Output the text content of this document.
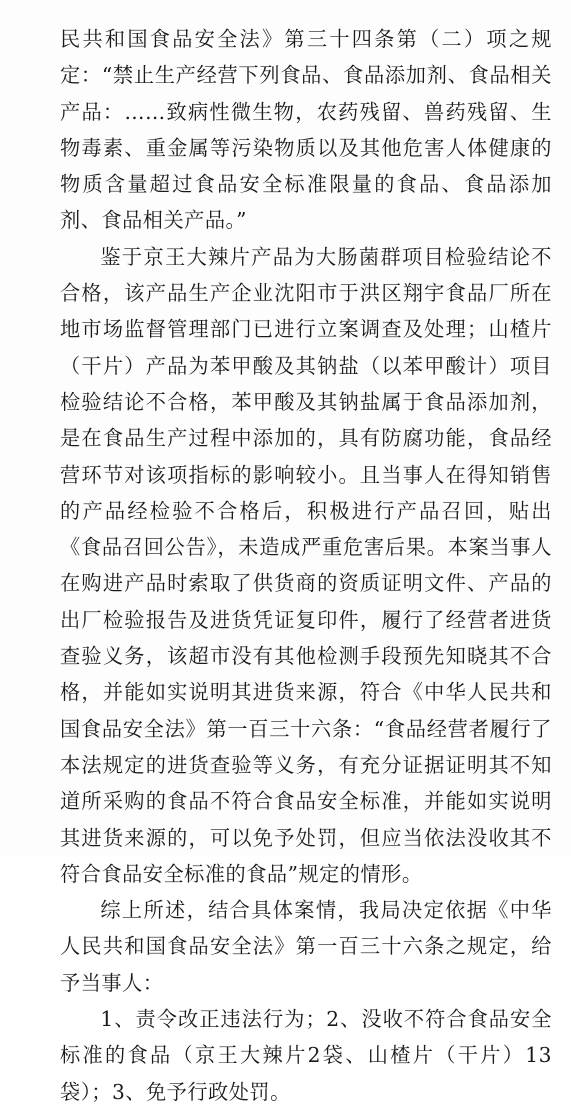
民共和国食品安全法》第三十四条第（二）项之规定：“禁止生产经营下列食品、食品添加剂、食品相关产品：……致病性微生物，农药残留、兽药残留、生物毒素、重金属等污染物质以及其他危害人体健康的物质含量超过食品安全标准限量的食品、食品添加剂、食品相关产品。”

鉴于京王大辣片产品为大肠菌群项目检验结论不合格，该产品生产企业沈阳市于洪区翔宇食品厂所在地市场监督管理部门已进行立案调查及处理；山楂片（干片）产品为苯甲酸及其钠盐（以苯甲酸计）项目检验结论不合格，苯甲酸及其钠盐属于食品添加剂，是在食品生产过程中添加的，具有防腐功能，食品经营环节对该项指标的影响较小。且当事人在得知销售的产品经检验不合格后，积极进行产品召回，贴出《食品召回公告》，未造成严重危害后果。本案当事人在购进产品时索取了供货商的资质证明文件、产品的出厂检验报告及进货凭证复印件，履行了经营者进货查验义务，该超市没有其他检测手段预先知晓其不合格，并能如实说明其进货来源，符合《中华人民共和国食品安全法》第一百三十六条：“食品经营者履行了本法规定的进货查验等义务，有充分证据证明其不知道所采购的食品不符合食品安全标准，并能如实说明其进货来源的，可以免予处罚，但应当依法没收其不符合食品安全标准的食品”规定的情形。

综上所述，结合具体案情，我局决定依据《中华人民共和国食品安全法》第一百三十六条之规定，给予当事人：

1、责令改正违法行为；2、没收不符合食品安全标准的食品（京王大辣片2袋、山楂片（干片）13袋）；3、免予行政处罚。
